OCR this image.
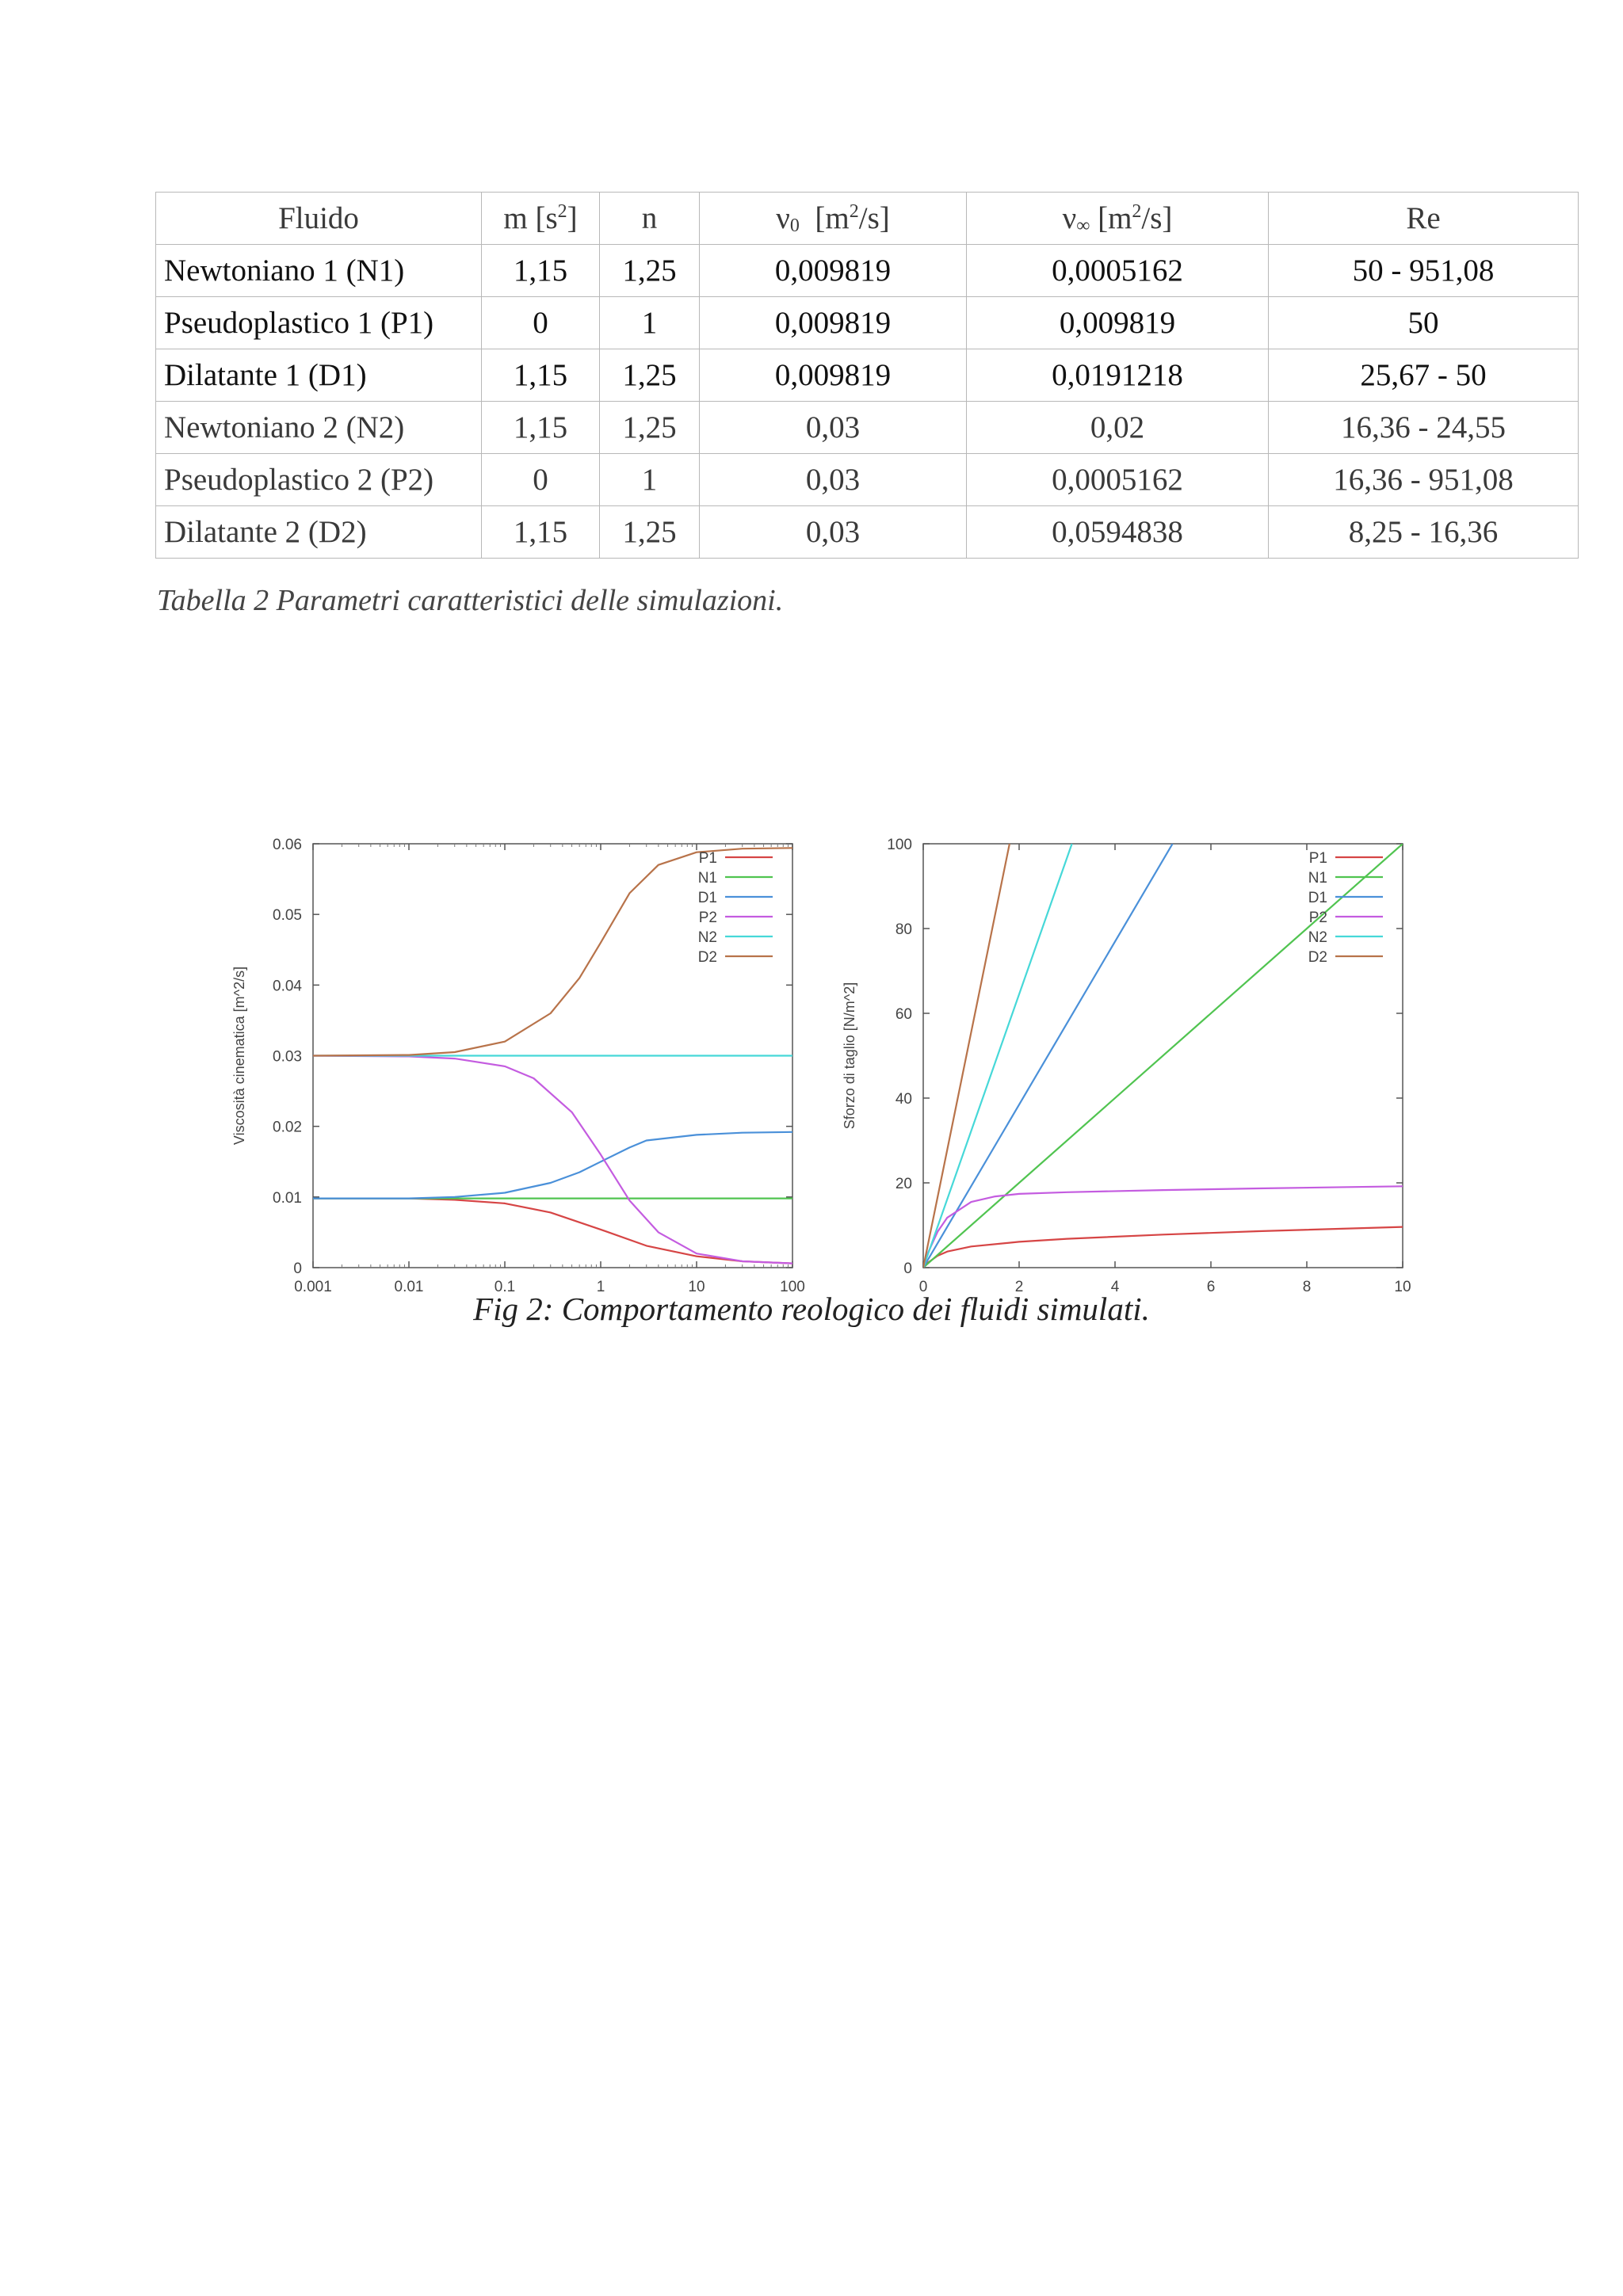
Fluido	m $[s^2]$	n	$\nu_0$  $[m^2/s]$	$\nu_\infty$ $[m^2/s]$	Re
Newtoniano 1 (N1)	1,15	1,25	0,009819	0,0005162	50 - 951,08
Pseudoplastico 1 (P1)	0	1	0,009819	0,009819	50
Dilatante 1 (D1)	1,15	1,25	0,009819	0,0191218	25,67 - 50
Newtoniano 2 (N2)	1,15	1,25	0,03	0,02	16,36 - 24,55
Pseudoplastico 2 (P2)	0	1	0,03	0,0005162	16,36 - 951,08
Dilatante 2 (D2)	1,15	1,25	0,03	0,0594838	8,25 - 16,36
Tabella 2 Parametri caratteristici delle simulazioni.
0
0.01
0.02
0.03
0.04
0.05
0.06
0.001	0.01	0.1	1	10	100
Viscosità cinematica [m^2/s]
P1
N1
D1
P2
N2
D2
0
20
40
60
80
100
0	2	4	6	8	10
Sforzo di taglio [N/m^2]
P1
N1
D1
P2
N2
D2
Fig 2: Comportamento reologico dei fluidi simulati.
